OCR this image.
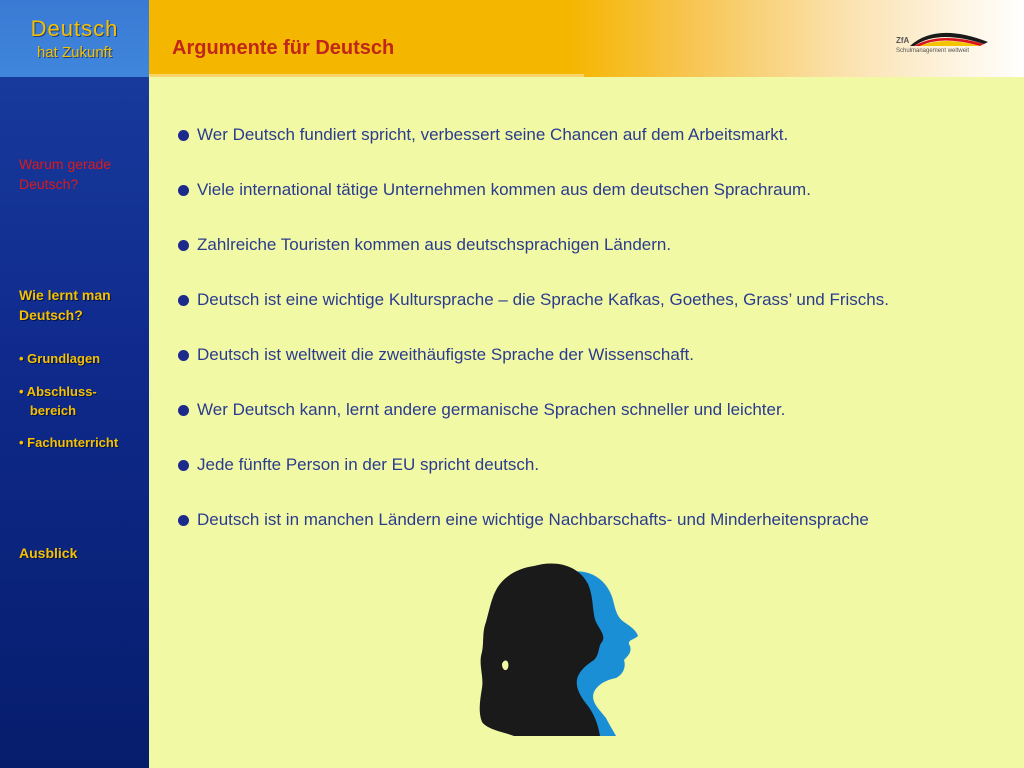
Deutsch
hat Zukunft	Argumente für Deutsch	ZfA
Schulmanagement weltweit
Warum gerade Deutsch?
Wie lernt man Deutsch?
• Grundlagen
• Abschluss-   bereich
• Fachunterricht
Ausblick
Wer Deutsch fundiert spricht, verbessert seine Chancen auf dem Arbeitsmarkt.
Viele international tätige Unternehmen kommen aus dem deutschen Sprachraum.
Zahlreiche Touristen kommen aus deutschsprachigen Ländern.
Deutsch ist eine wichtige Kultursprache – die Sprache Kafkas, Goethes, Grass’ und Frischs.
Deutsch ist weltweit die zweithäufigste Sprache der Wissenschaft.
Wer Deutsch kann, lernt andere germanische Sprachen schneller und leichter.
Jede fünfte Person in der EU spricht deutsch.
Deutsch ist in manchen Ländern eine wichtige Nachbarschafts- und Minderheitensprache
